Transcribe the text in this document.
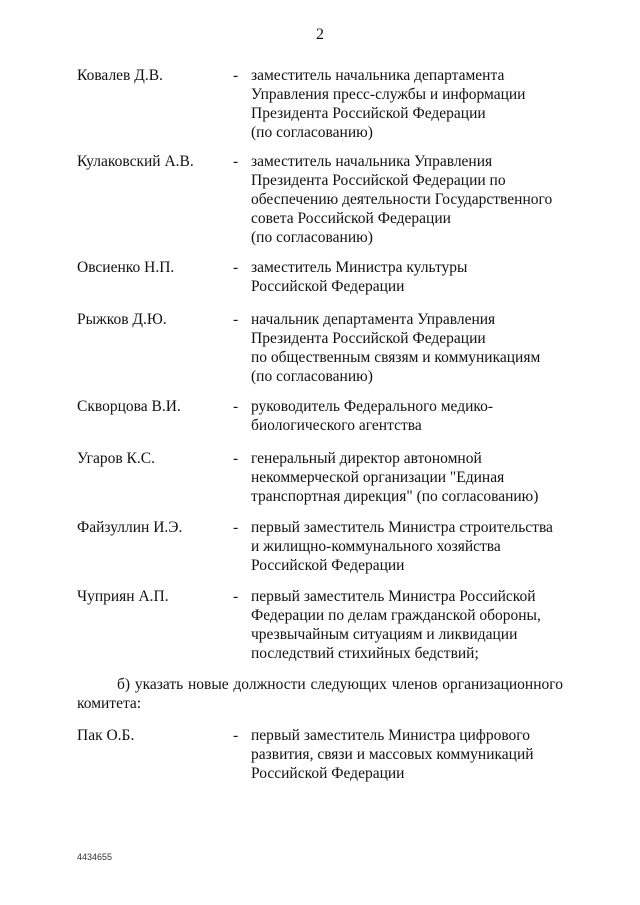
2
Ковалев Д.В.	- заместитель начальника департамента
Управления пресс-службы и информации
Президента Российской Федерации
(по согласованию)
Кулаковский А.В.	- заместитель начальника Управления
Президента Российской Федерации по
обеспечению деятельности Государственного
совета Российской Федерации
(по согласованию)
Овсиенко Н.П.	- заместитель Министра культуры
Российской Федерации
Рыжков Д.Ю.	- начальник департамента Управления
Президента Российской Федерации
по общественным связям и коммуникациям
(по согласованию)
Скворцова В.И.	- руководитель Федерального медико-
биологического агентства
Угаров К.С.	- генеральный директор автономной
некоммерческой организации "Единая
транспортная дирекция" (по согласованию)
Файзуллин И.Э.	- первый заместитель Министра строительства
и жилищно-коммунального хозяйства
Российской Федерации
Чуприян А.П.	- первый заместитель Министра Российской
Федерации по делам гражданской обороны,
чрезвычайным ситуациям и ликвидации
последствий стихийных бедствий;
б) указать новые должности следующих членов организационного
комитета:
Пак О.Б.	- первый заместитель Министра цифрового
развития, связи и массовых коммуникаций
Российской Федерации
4434655
